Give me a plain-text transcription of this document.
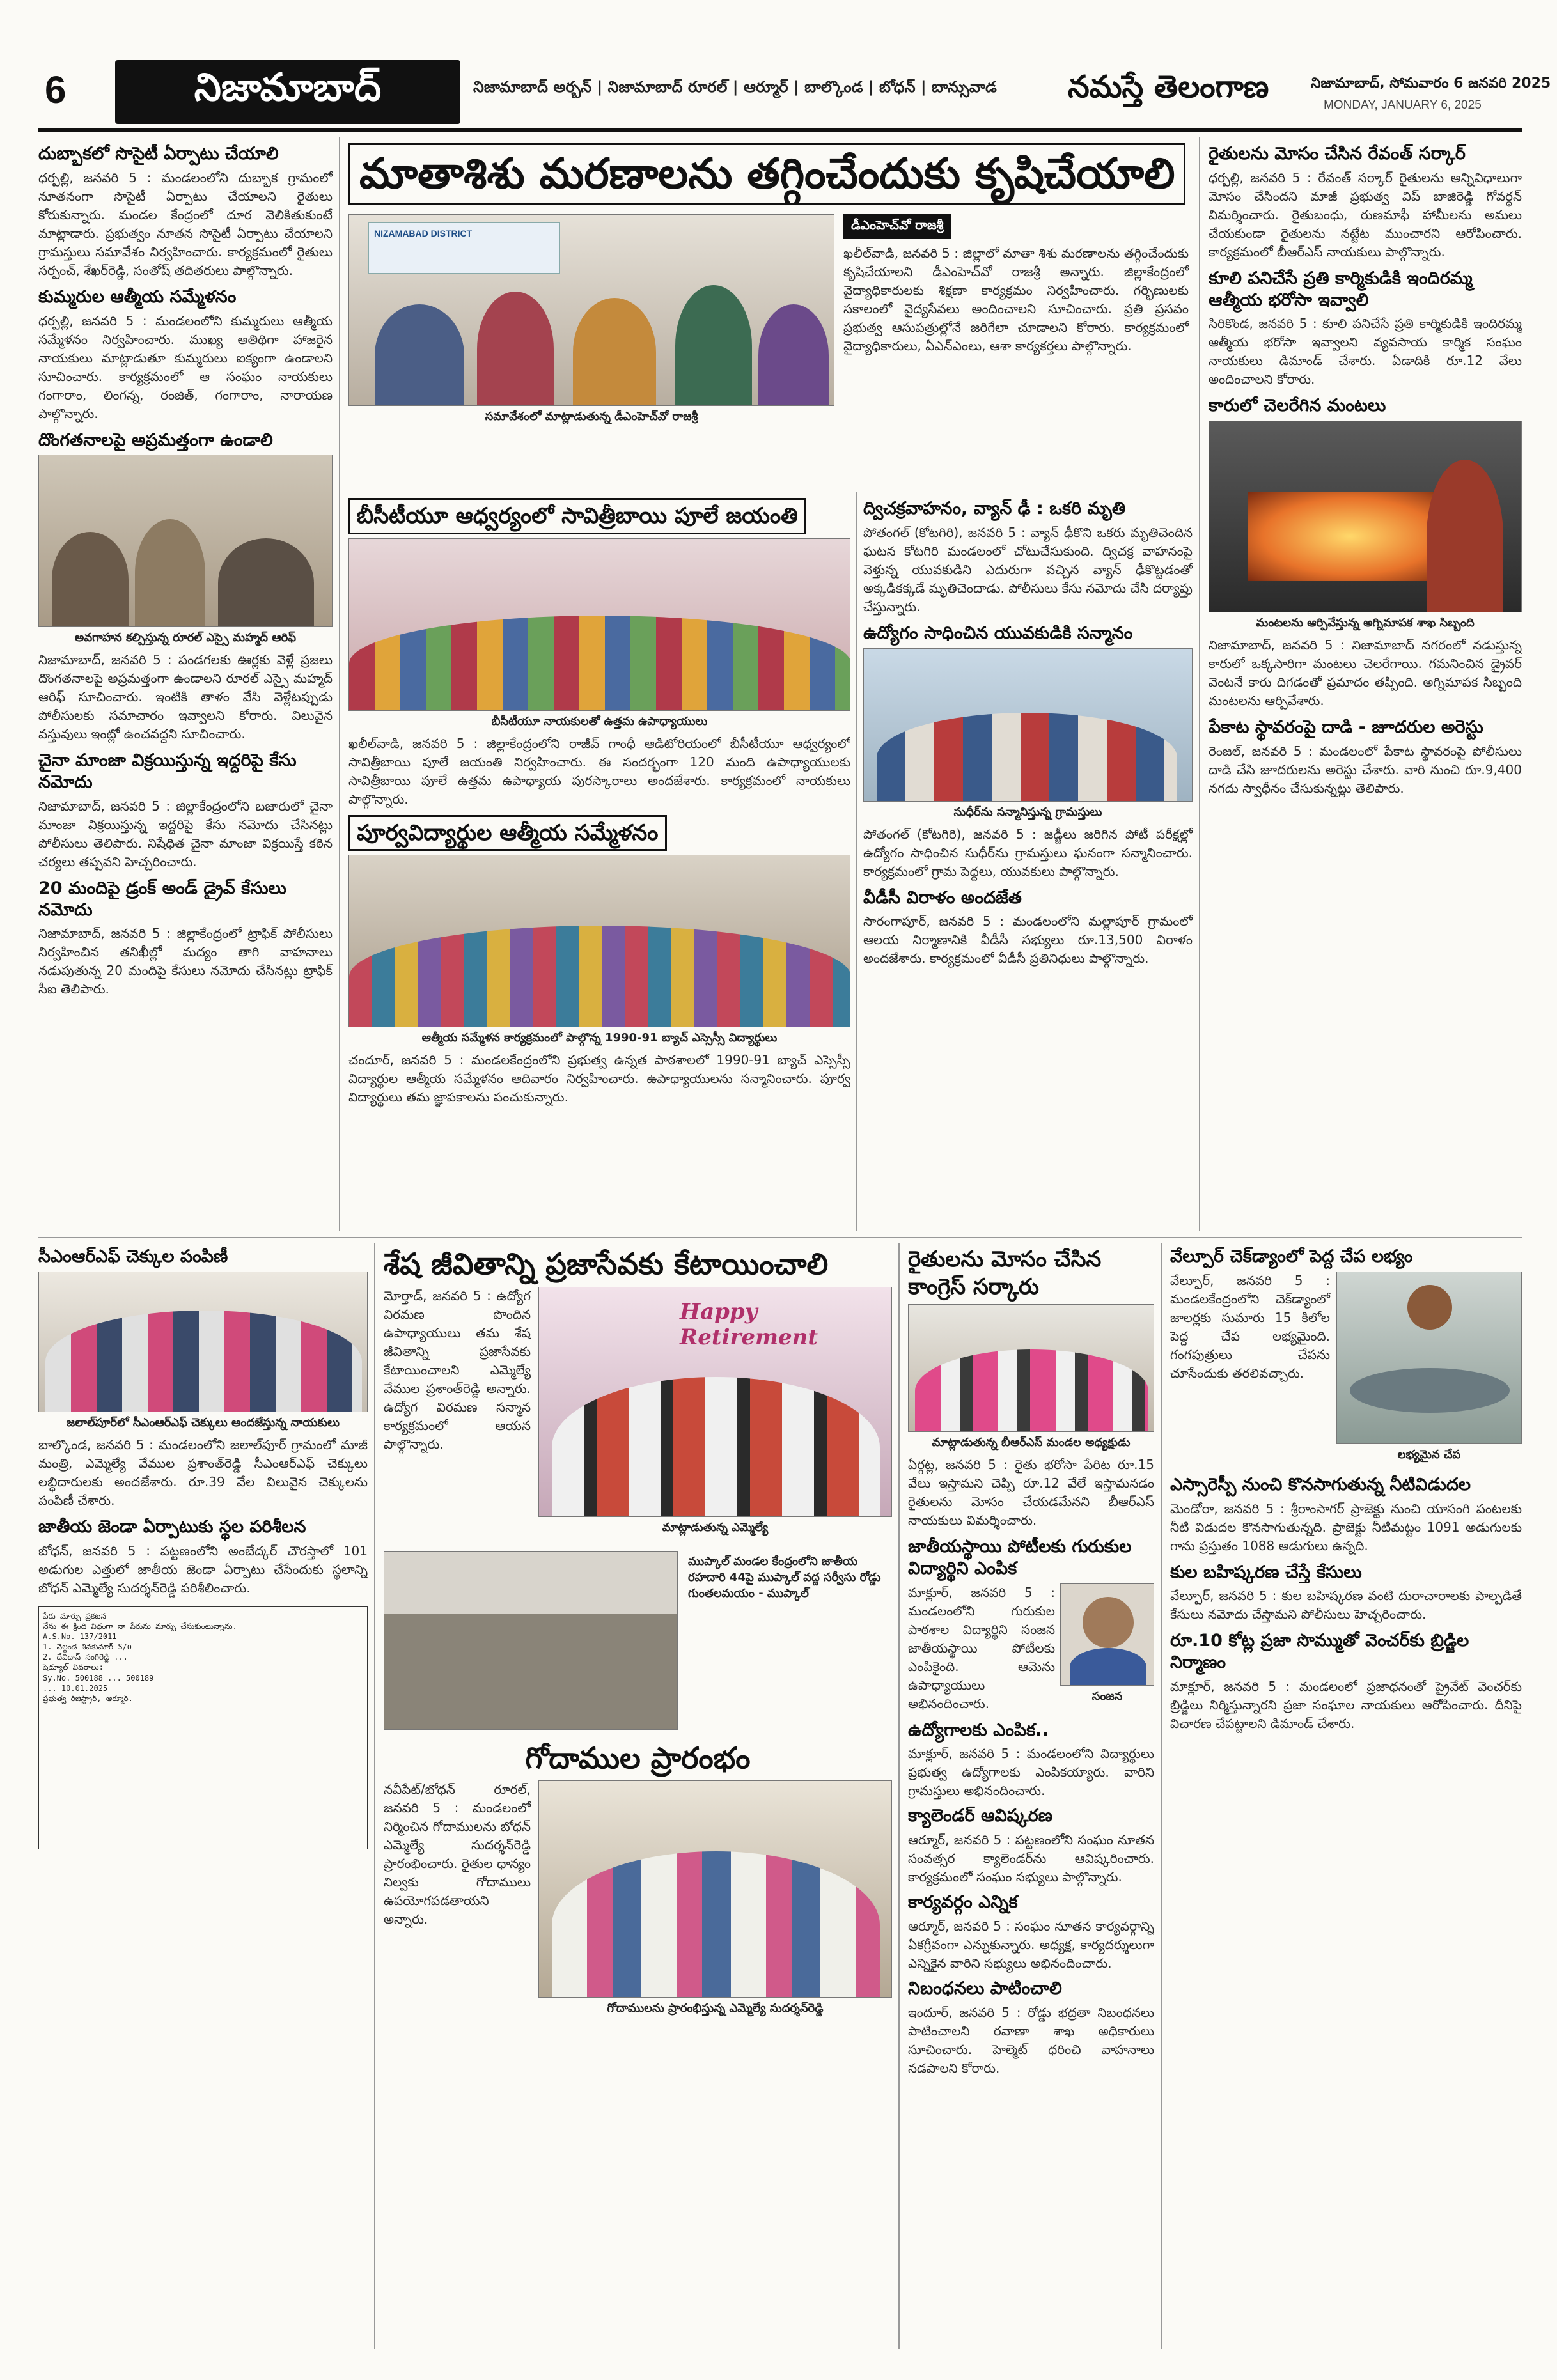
6	నిజామాబాద్	నిజామాబాద్ అర్బన్ | నిజామాబాద్ రూరల్ | ఆర్మూర్ | బాల్కొండ | బోధన్ | బాన్సువాడ నమస్తే తెలంగాణ	నిజామాబాద్, సోమవారం 6 జనవరి 2025
MONDAY, JANUARY 6, 2025
దుబ్బాకలో సొసైటీ ఏర్పాటు చేయాలి
ధర్పల్లి, జనవరి 5 : మండలంలోని దుబ్బాక గ్రామంలో నూతనంగా సొసైటీ ఏర్పాటు చేయాలని రైతులు కోరుకున్నారు. మండల కేంద్రంలో దూర వెలికితుకుంటే మాట్లాడారు. ప్రభుత్వం నూతన సొసైటీ ఏర్పాటు చేయాలని గ్రామస్తులు సమావేశం నిర్వహించారు. కార్యక్రమంలో రైతులు సర్పంచ్, శేఖర్‌రెడ్డి, సంతోష్ తదితరులు పాల్గొన్నారు.
కుమ్మరుల ఆత్మీయ సమ్మేళనం
ధర్పల్లి, జనవరి 5 : మండలంలోని కుమ్మరులు ఆత్మీయ సమ్మేళనం నిర్వహించారు. ముఖ్య అతిథిగా హాజరైన నాయకులు మాట్లాడుతూ కుమ్మరులు ఐక్యంగా ఉండాలని సూచించారు. కార్యక్రమంలో ఆ సంఘం నాయకులు గంగారాం, లింగన్న, రంజిత్, గంగారాం, నారాయణ పాల్గొన్నారు.
దొంగతనాలపై అప్రమత్తంగా ఉండాలి
అవగాహన కల్పిస్తున్న రూరల్ ఎస్సై మహ్మద్ ఆరిఫ్
నిజామాబాద్, జనవరి 5 : పండగలకు ఊర్లకు వెళ్లే ప్రజలు దొంగతనాలపై అప్రమత్తంగా ఉండాలని రూరల్ ఎస్సై మహ్మద్ ఆరిఫ్ సూచించారు. ఇంటికి తాళం వేసి వెళ్లేటప్పుడు పోలీసులకు సమాచారం ఇవ్వాలని కోరారు. విలువైన వస్తువులు ఇంట్లో ఉంచవద్దని సూచించారు.
చైనా మాంజా విక్రయిస్తున్న ఇద్దరిపై కేసు నమోదు
నిజామాబాద్, జనవరి 5 : జిల్లాకేంద్రంలోని బజారులో చైనా మాంజా విక్రయిస్తున్న ఇద్దరిపై కేసు నమోదు చేసినట్లు పోలీసులు తెలిపారు. నిషేధిత చైనా మాంజా విక్రయిస్తే కఠిన చర్యలు తప్పవని హెచ్చరించారు.
20 మందిపై డ్రంక్ అండ్ డ్రైవ్ కేసులు నమోదు
నిజామాబాద్, జనవరి 5 : జిల్లాకేంద్రంలో ట్రాఫిక్ పోలీసులు నిర్వహించిన తనిఖీల్లో మద్యం తాగి వాహనాలు నడుపుతున్న 20 మందిపై కేసులు నమోదు చేసినట్లు ట్రాఫిక్ సీఐ తెలిపారు.
మాతాశిశు మరణాలను తగ్గించేందుకు కృషిచేయాలి
NIZAMABAD DISTRICT
సమావేశంలో మాట్లాడుతున్న డీఎంహెచ్‌వో రాజశ్రీ
డీఎంహెచ్‌వో రాజశ్రీ
ఖలీల్‌వాడి, జనవరి 5 : జిల్లాలో మాతా శిశు మరణాలను తగ్గించేందుకు కృషిచేయాలని డీఎంహెచ్‌వో రాజశ్రీ అన్నారు. జిల్లాకేంద్రంలో వైద్యాధికారులకు శిక్షణా కార్యక్రమం నిర్వహించారు. గర్భిణులకు సకాలంలో వైద్యసేవలు అందించాలని సూచించారు. ప్రతి ప్రసవం ప్రభుత్వ ఆసుపత్రుల్లోనే జరిగేలా చూడాలని కోరారు. కార్యక్రమంలో వైద్యాధికారులు, ఏఎన్‌ఎంలు, ఆశా కార్యకర్తలు పాల్గొన్నారు.
బీసీటీయూ ఆధ్వర్యంలో సావిత్రీబాయి పూలే జయంతి
బీసీటీయూ నాయకులతో ఉత్తమ ఉపాధ్యాయులు
ఖలీల్‌వాడి, జనవరి 5 : జిల్లాకేంద్రంలోని రాజీవ్ గాంధీ ఆడిటోరియంలో బీసీటీయూ ఆధ్వర్యంలో సావిత్రీబాయి పూలే జయంతి నిర్వహించారు. ఈ సందర్భంగా 120 మంది ఉపాధ్యాయులకు సావిత్రీబాయి పూలే ఉత్తమ ఉపాధ్యాయ పురస్కారాలు అందజేశారు. కార్యక్రమంలో నాయకులు పాల్గొన్నారు.
పూర్వవిద్యార్థుల ఆత్మీయ సమ్మేళనం
ఆత్మీయ సమ్మేళన కార్యక్రమంలో పాల్గొన్న 1990-91 బ్యాచ్ ఎస్సెస్సీ విద్యార్థులు
చందూర్, జనవరి 5 : మండలకేంద్రంలోని ప్రభుత్వ ఉన్నత పాఠశాలలో 1990-91 బ్యాచ్ ఎస్సెస్సీ విద్యార్థుల ఆత్మీయ సమ్మేళనం ఆదివారం నిర్వహించారు. ఉపాధ్యాయులను సన్మానించారు. పూర్వ విద్యార్థులు తమ జ్ఞాపకాలను పంచుకున్నారు.
ద్విచక్రవాహనం, వ్యాన్ ఢీ : ఒకరి మృతి
పోతంగల్ (కోటగిరి), జనవరి 5 : వ్యాన్ ఢీకొని ఒకరు మృతిచెందిన ఘటన కోటగిరి మండలంలో చోటుచేసుకుంది. ద్విచక్ర వాహనంపై వెళ్తున్న యువకుడిని ఎదురుగా వచ్చిన వ్యాన్ ఢీకొట్టడంతో అక్కడికక్కడే మృతిచెందాడు. పోలీసులు కేసు నమోదు చేసి దర్యాప్తు చేస్తున్నారు.
ఉద్యోగం సాధించిన యువకుడికి సన్మానం
సుధీర్‌ను సన్మానిస్తున్న గ్రామస్తులు
పోతంగల్ (కోటగిరి), జనవరి 5 : జడ్జీలు జరిగిన పోటీ పరీక్షల్లో ఉద్యోగం సాధించిన సుధీర్‌ను గ్రామస్తులు ఘనంగా సన్మానించారు. కార్యక్రమంలో గ్రామ పెద్దలు, యువకులు పాల్గొన్నారు.
వీడీసీ విరాళం అందజేత
సారంగాపూర్, జనవరి 5 : మండలంలోని మల్లాపూర్ గ్రామంలో ఆలయ నిర్మాణానికి వీడీసీ సభ్యులు రూ.13,500 విరాళం అందజేశారు. కార్యక్రమంలో వీడీసీ ప్రతినిధులు పాల్గొన్నారు.
రైతులను మోసం చేసిన రేవంత్ సర్కార్
ధర్పల్లి, జనవరి 5 : రేవంత్ సర్కార్ రైతులను అన్నివిధాలుగా మోసం చేసిందని మాజీ ప్రభుత్వ విప్ బాజిరెడ్డి గోవర్ధన్ విమర్శించారు. రైతుబంధు, రుణమాఫీ హామీలను అమలు చేయకుండా రైతులను నట్టేట ముంచారని ఆరోపించారు. కార్యక్రమంలో బీఆర్‌ఎస్ నాయకులు పాల్గొన్నారు.
కూలి పనిచేసే ప్రతి కార్మికుడికి ఇందిరమ్మ ఆత్మీయ భరోసా ఇవ్వాలి
సిరికొండ, జనవరి 5 : కూలి పనిచేసే ప్రతి కార్మికుడికి ఇందిరమ్మ ఆత్మీయ భరోసా ఇవ్వాలని వ్యవసాయ కార్మిక సంఘం నాయకులు డిమాండ్ చేశారు. ఏడాదికి రూ.12 వేలు అందించాలని కోరారు.
కారులో చెలరేగిన మంటలు
మంటలను ఆర్పివేస్తున్న అగ్నిమాపక శాఖ సిబ్బంది
నిజామాబాద్, జనవరి 5 : నిజామాబాద్ నగరంలో నడుస్తున్న కారులో ఒక్కసారిగా మంటలు చెలరేగాయి. గమనించిన డ్రైవర్ వెంటనే కారు దిగడంతో ప్రమాదం తప్పింది. అగ్నిమాపక సిబ్బంది మంటలను ఆర్పివేశారు.
పేకాట స్థావరంపై దాడి - జూదరుల అరెస్టు
రెంజల్, జనవరి 5 : మండలంలో పేకాట స్థావరంపై పోలీసులు దాడి చేసి జూదరులను అరెస్టు చేశారు. వారి నుంచి రూ.9,400 నగదు స్వాధీనం చేసుకున్నట్లు తెలిపారు.
సీఎంఆర్‌ఎఫ్ చెక్కుల పంపిణీ
జలాల్‌పూర్‌లో సీఎంఆర్‌ఎఫ్ చెక్కులు అందజేస్తున్న నాయకులు
బాల్కొండ, జనవరి 5 : మండలంలోని జలాల్‌పూర్ గ్రామంలో మాజీ మంత్రి, ఎమ్మెల్యే వేముల ప్రశాంత్‌రెడ్డి సీఎంఆర్‌ఎఫ్ చెక్కులు లబ్ధిదారులకు అందజేశారు. రూ.39 వేల విలువైన చెక్కులను పంపిణీ చేశారు.
జాతీయ జెండా ఏర్పాటుకు స్థల పరిశీలన
బోధన్, జనవరి 5 : పట్టణంలోని అంబేద్కర్ చౌరస్తాలో 101 అడుగుల ఎత్తులో జాతీయ జెండా ఏర్పాటు చేసేందుకు స్థలాన్ని బోధన్ ఎమ్మెల్యే సుదర్శన్‌రెడ్డి పరిశీలించారు.
పేరు మార్పు ప్రకటన
నేను ఈ క్రింది విధంగా నా పేరును మార్పు చేసుకుంటున్నాను.
A.S.No. 137/2011
1. వెల్దండ శివకుమార్ S/o
2. దేవిదాస్ సంగిరెడ్డి ...
షెడ్యూల్ వివరాలు:
Sy.No. 500188 ... 500189
... 10.01.2025
ప్రభుత్వ రిజిస్ట్రార్, ఆర్మూర్.
శేష జీవితాన్ని ప్రజాసేవకు కేటాయించాలి
మోర్తాడ్, జనవరి 5 : ఉద్యోగ విరమణ పొందిన ఉపాధ్యాయులు తమ శేష జీవితాన్ని ప్రజాసేవకు కేటాయించాలని ఎమ్మెల్యే వేముల ప్రశాంత్‌రెడ్డి అన్నారు. ఉద్యోగ విరమణ సన్మాన కార్యక్రమంలో ఆయన పాల్గొన్నారు.
Happy Retirement
మాట్లాడుతున్న ఎమ్మెల్యే
ముప్కాల్ మండల కేంద్రంలోని జాతీయ రహదారి 44పై ముప్కాల్ వద్ద సర్వీసు రోడ్డు గుంతలమయం - ముప్కాల్
గోదాముల ప్రారంభం
నవీపేట్/బోధన్ రూరల్, జనవరి 5 : మండలంలో నిర్మించిన గోదాములను బోధన్ ఎమ్మెల్యే సుదర్శన్‌రెడ్డి ప్రారంభించారు. రైతుల ధాన్యం నిల్వకు గోదాములు ఉపయోగపడతాయని అన్నారు.
గోదాములను ప్రారంభిస్తున్న ఎమ్మెల్యే సుదర్శన్‌రెడ్డి
రైతులను మోసం చేసిన కాంగ్రెస్ సర్కారు
మాట్లాడుతున్న బీఆర్‌ఎస్ మండల అధ్యక్షుడు
ఏర్గట్ల, జనవరి 5 : రైతు భరోసా పేరిట రూ.15 వేలు ఇస్తామని చెప్పి రూ.12 వేలే ఇస్తామనడం రైతులను మోసం చేయడమేనని బీఆర్‌ఎస్ నాయకులు విమర్శించారు.
జాతీయస్థాయి పోటీలకు గురుకుల విద్యార్థిని ఎంపిక
మాక్లూర్, జనవరి 5 : మండలంలోని గురుకుల పాఠశాల విద్యార్థిని సంజన జాతీయస్థాయి పోటీలకు ఎంపికైంది. ఆమెను ఉపాధ్యాయులు అభినందించారు.	సంజన
ఉద్యోగాలకు ఎంపిక..
మాక్లూర్, జనవరి 5 : మండలంలోని విద్యార్థులు ప్రభుత్వ ఉద్యోగాలకు ఎంపికయ్యారు. వారిని గ్రామస్తులు అభినందించారు.
క్యాలెండర్ ఆవిష్కరణ
ఆర్మూర్, జనవరి 5 : పట్టణంలోని సంఘం నూతన సంవత్సర క్యాలెండర్‌ను ఆవిష్కరించారు. కార్యక్రమంలో సంఘం సభ్యులు పాల్గొన్నారు.
కార్యవర్గం ఎన్నిక
ఆర్మూర్, జనవరి 5 : సంఘం నూతన కార్యవర్గాన్ని ఏకగ్రీవంగా ఎన్నుకున్నారు. అధ్యక్ష, కార్యదర్శులుగా ఎన్నికైన వారిని సభ్యులు అభినందించారు.
నిబంధనలు పాటించాలి
ఇందూర్, జనవరి 5 : రోడ్డు భద్రతా నిబంధనలు పాటించాలని రవాణా శాఖ అధికారులు సూచించారు. హెల్మెట్ ధరించి వాహనాలు నడపాలని కోరారు.
వేల్పూర్ చెక్‌డ్యాంలో పెద్ద చేప లభ్యం
వేల్పూర్, జనవరి 5 : మండలకేంద్రంలోని చెక్‌డ్యాంలో జాలర్లకు సుమారు 15 కిలోల పెద్ద చేప లభ్యమైంది. గంగపుత్రులు చేపను చూసేందుకు తరలివచ్చారు.
లభ్యమైన చేప
ఎస్సారెస్పీ నుంచి కొనసాగుతున్న నీటివిడుదల
మెండోరా, జనవరి 5 : శ్రీరాంసాగర్ ప్రాజెక్టు నుంచి యాసంగి పంటలకు నీటి విడుదల కొనసాగుతున్నది. ప్రాజెక్టు నీటిమట్టం 1091 అడుగులకు గాను ప్రస్తుతం 1088 అడుగులు ఉన్నది.
కుల బహిష్కరణ చేస్తే కేసులు
వేల్పూర్, జనవరి 5 : కుల బహిష్కరణ వంటి దురాచారాలకు పాల్పడితే కేసులు నమోదు చేస్తామని పోలీసులు హెచ్చరించారు.
రూ.10 కోట్ల ప్రజా సొమ్ముతో వెంచర్‌కు బ్రిడ్జిల నిర్మాణం
మాక్లూర్, జనవరి 5 : మండలంలో ప్రజాధనంతో ప్రైవేట్ వెంచర్‌కు బ్రిడ్జిలు నిర్మిస్తున్నారని ప్రజా సంఘాల నాయకులు ఆరోపించారు. దీనిపై విచారణ చేపట్టాలని డిమాండ్ చేశారు.
